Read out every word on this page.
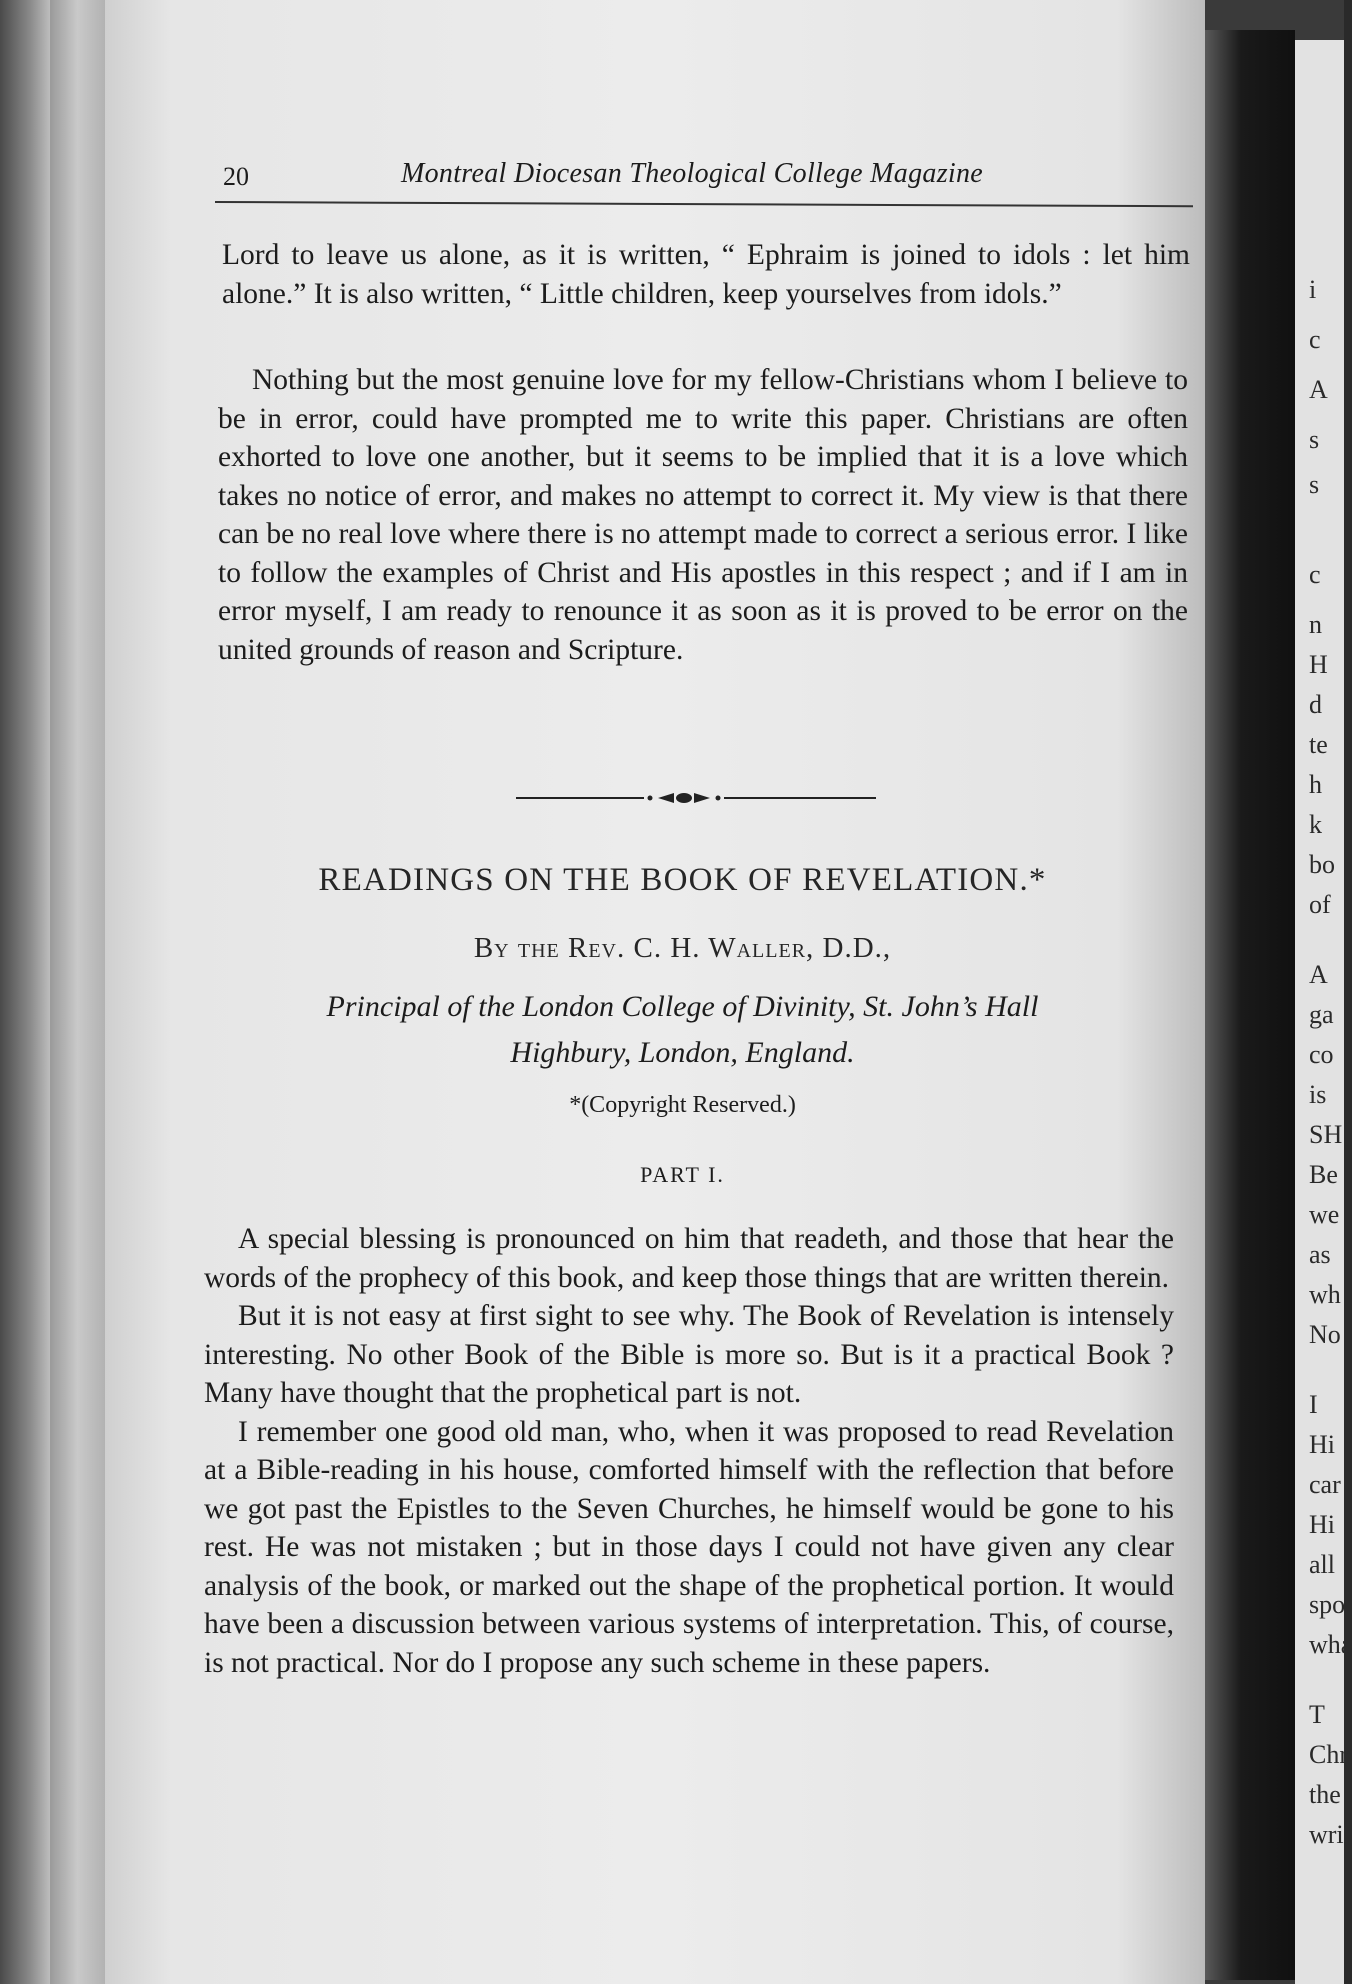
i
c
A
s
s
c
n
H
d
te
h
k
bo
of
A
ga
co
is
SH
Be
we
as
wh
No
I
Hi
car
Hi
all
spo
wha
T
Chr
the
wri
20	Montreal Diocesan Theological College Magazine

Lord to leave us alone, as it is written, “ Ephraim is joined to idols : let him alone.” It is also written, “ Little children, keep yourselves from idols.”

Nothing but the most genuine love for my fellow-Christians whom I believe to be in error, could have prompted me to write this paper. Christians are often exhorted to love one another, but it seems to be implied that it is a love which takes no notice of error, and makes no attempt to correct it. My view is that there can be no real love where there is no attempt made to correct a serious error. I like to follow the examples of Christ and His apostles in this respect ; and if I am in error myself, I am ready to renounce it as soon as it is proved to be error on the united grounds of reason and Scripture.

READINGS ON THE BOOK OF REVELATION.*
By the Rev. C. H. Waller, D.D.,
Principal of the London College of Divinity, St. John’s Hall
Highbury, London, England.
*(Copyright Reserved.)
PART I.

A special blessing is pronounced on him that readeth, and those that hear the words of the prophecy of this book, and keep those things that are written therein.

But it is not easy at first sight to see why. The Book of Revelation is intensely interesting. No other Book of the Bible is more so. But is it a practical Book ? Many have thought that the prophetical part is not.

I remember one good old man, who, when it was proposed to read Revelation at a Bible-reading in his house, comforted himself with the reflection that before we got past the Epistles to the Seven Churches, he himself would be gone to his rest. He was not mistaken ; but in those days I could not have given any clear analysis of the book, or marked out the shape of the prophetical portion. It would have been a discussion between various systems of interpretation. This, of course, is not practical. Nor do I propose any such scheme in these papers.
